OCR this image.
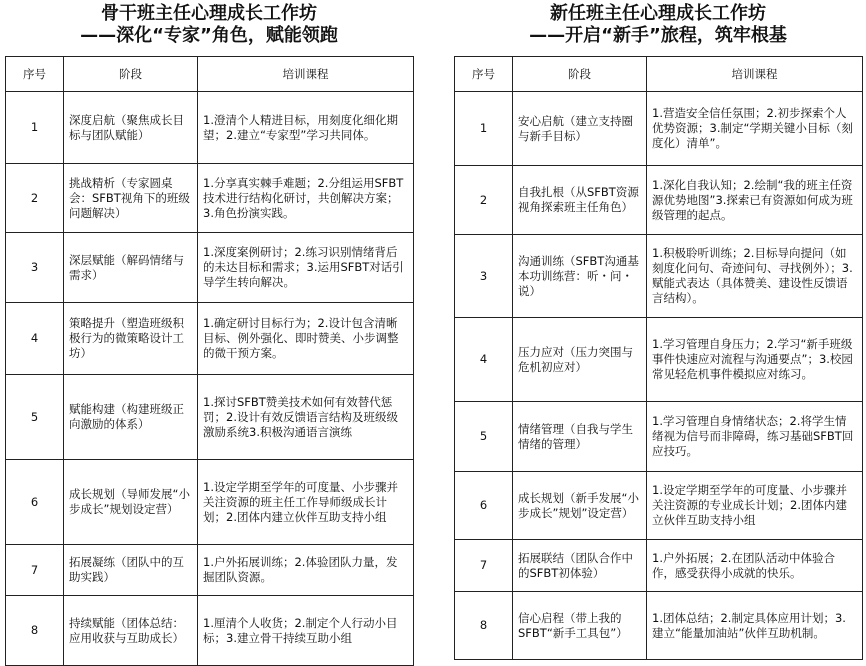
骨干班主任心理成长工作坊
——深化“专家”角色，赋能领跑
序号	阶段	培训课程
1	深度启航（聚焦成长目标与团队赋能）	1.澄清个人精进目标，用刻度化细化期望；2.建立“专家型”学习共同体。
2	挑战精析（专家圆桌会：SFBT视角下的班级问题解决）	1.分享真实棘手难题；2.分组运用SFBT技术进行结构化研讨，共创解决方案；3.角色扮演实践。
3	深层赋能（解码情绪与需求）	1.深度案例研讨；2.练习识别情绪背后的未达目标和需求；3.运用SFBT对话引导学生转向解决。
4	策略提升（塑造班级积极行为的微策略设计工坊）	1.确定研讨目标行为；2.设计包含清晰目标、例外强化、即时赞美、小步调整的微干预方案。
5	赋能构建（构建班级正向激励的体系）	1.探讨SFBT赞美技术如何有效替代惩罚；2.设计有效反馈语言结构及班级级激励系统3.积极沟通语言演练
6	成长规划（导师发展“小步成长”规划设定营）	1.设定学期至学年的可度量、小步骤并关注资源的班主任工作导师级成长计划；2.团体内建立伙伴互助支持小组
7	拓展凝练（团队中的互助实践）	1.户外拓展训练；2.体验团队力量，发掘团队资源。
8	持续赋能（团体总结：应用收获与互助成长）	1.厘清个人收货；2.制定个人行动小目标；3.建立骨干持续互助小组
新任班主任心理成长工作坊
——开启“新手”旅程，筑牢根基
序号	阶段	培训课程
1	安心启航（建立支持圈与新手目标）	1.营造安全信任氛围；2.初步探索个人优势资源；3.制定“学期关键小目标（刻度化）清单”。
2	自我扎根（从SFBT资源视角探索班主任角色）	1.深化自我认知；2.绘制“我的班主任资源优势地图”3.探索已有资源如何成为班级管理的起点。
3	沟通训练（SFBT沟通基本功训练营：听・问・说）	1.积极聆听训练；2.目标导向提问（如刻度化问句、奇迹问句、寻找例外）；3.赋能式表达（具体赞美、建设性反馈语言结构）。
4	压力应对（压力突围与危机初应对）	1.学习管理自身压力；2.学习“新手班级事件快速应对流程与沟通要点”；3.校园常见轻危机事件模拟应对练习。
5	情绪管理（自我与学生情绪的管理）	1.学习管理自身情绪状态；2.将学生情绪视为信号而非障碍，练习基础SFBT回应技巧。
6	成长规划（新手发展“小步成长”规划”设定营）	1.设定学期至学年的可度量、小步骤并关注资源的专业成长计划；2.团体内建立伙伴互助支持小组
7	拓展联结（团队合作中的SFBT初体验）	1.户外拓展；2.在团队活动中体验合作，感受获得小成就的快乐。
8	信心启程（带上我的SFBT“新手工具包”）	1.团体总结；2.制定具体应用计划；3.建立“能量加油站”伙伴互助机制。
